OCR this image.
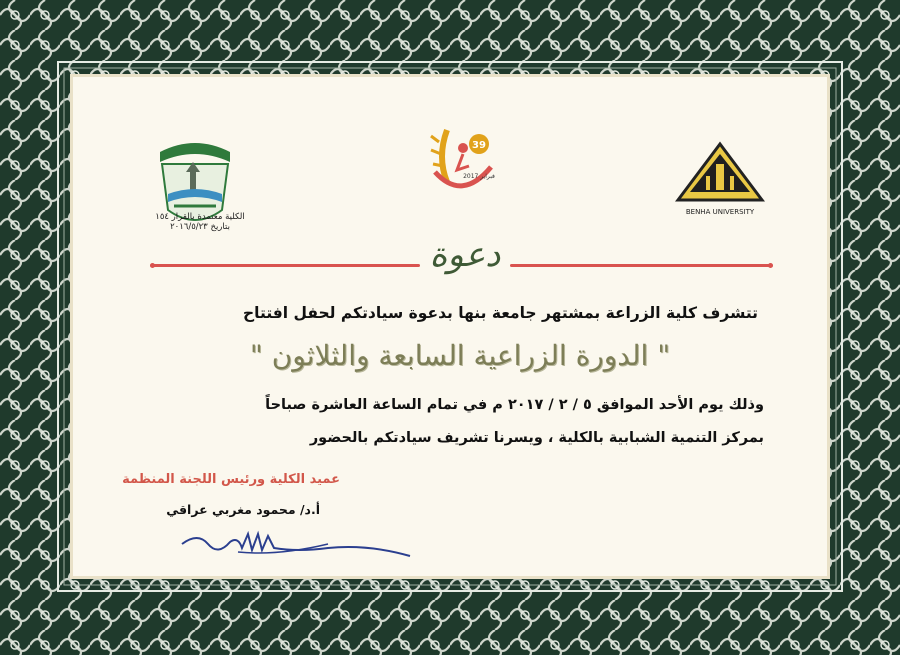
الكلية معتمدة بالقرار ١٥٤
بتاريخ ٢٠١٦/٥/٢٣
39
فبراير 2017
BENHA UNIVERSITY
دعوة
تتشرف كلية الزراعة بمشتهر جامعة بنها بدعوة سيادتكم لحفل افتتاح
" الدورة الزراعية السابعة والثلاثون "
وذلك يوم الأحد الموافق ٥ / ٢ / ٢٠١٧ م في تمام الساعة العاشرة صباحاً
بمركز التنمية الشبابية بالكلية ، ويسرنا تشريف سيادتكم بالحضور
عميد الكلية ورئيس اللجنة المنظمة
أ.د/ محمود مغربي عراقي
